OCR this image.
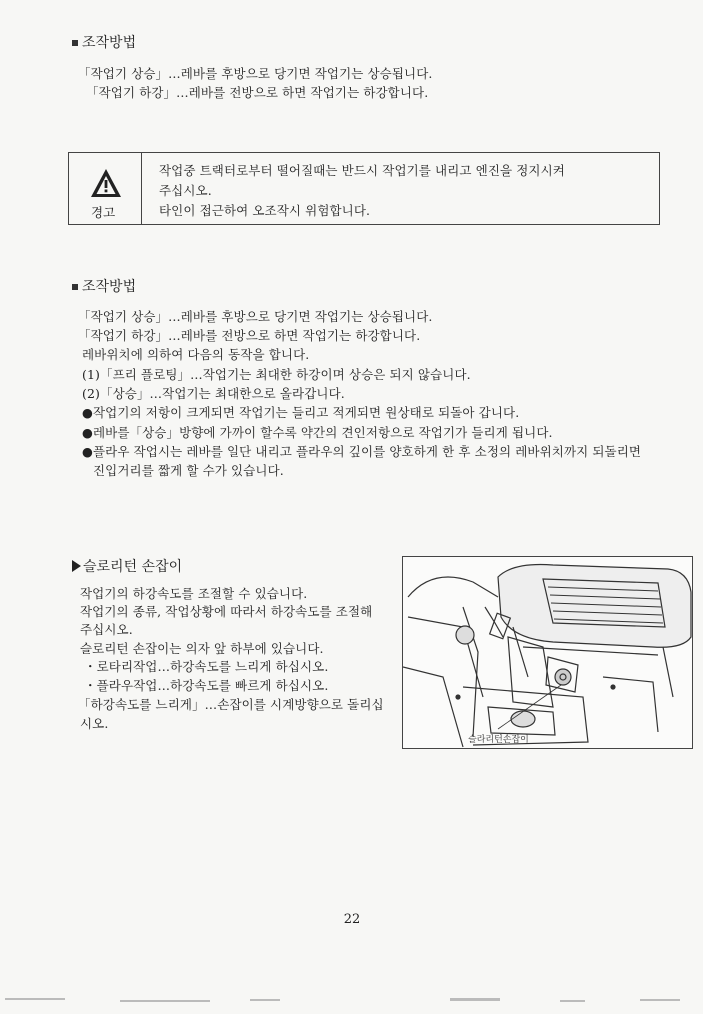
조작방법
「작업기 상승」…레바를 후방으로 당기면 작업기는 상승됩니다.
「작업기 하강」…레바를 전방으로 하면 작업기는 하강합니다.
경고
작업중 트랙터로부터 떨어질때는 반드시 작업기를 내리고 엔진을 정지시켜
주십시오.
타인이 접근하여 오조작시 위험합니다.
조작방법
「작업기 상승」…레바를 후방으로 당기면 작업기는 상승됩니다.
「작업기 하강」…레바를 전방으로 하면 작업기는 하강합니다.
레바위치에 의하여 다음의 동작을 합니다.
(1)「프리 플로팅」…작업기는 최대한 하강이며 상승은 되지 않습니다.
(2)「상승」…작업기는 최대한으로 올라갑니다.
●작업기의 저항이 크게되면 작업기는 들리고 적게되면 원상태로 되돌아 갑니다.
●레바를「상승」방향에 가까이 할수록 약간의 견인저항으로 작업기가 들리게 됩니다.
●플라우 작업시는 레바를 일단 내리고 플라우의 깊이를 양호하게 한 후 소정의 레바위치까지 되돌리면
진입거리를 짧게 할 수가 있습니다.
슬로리턴 손잡이
작업기의 하강속도를 조절할 수 있습니다.
작업기의 종류, 작업상황에 따라서 하강속도를 조절해
주십시오.
슬로리턴 손잡이는 의자 앞 하부에 있습니다.
・로타리작업…하강속도를 느리게 하십시오.
・플라우작업…하강속도를 빠르게 하십시오.
「하강속도를 느리게」…손잡이를 시계방향으로 돌리십
시오.
슬라리턴손잡이
22
